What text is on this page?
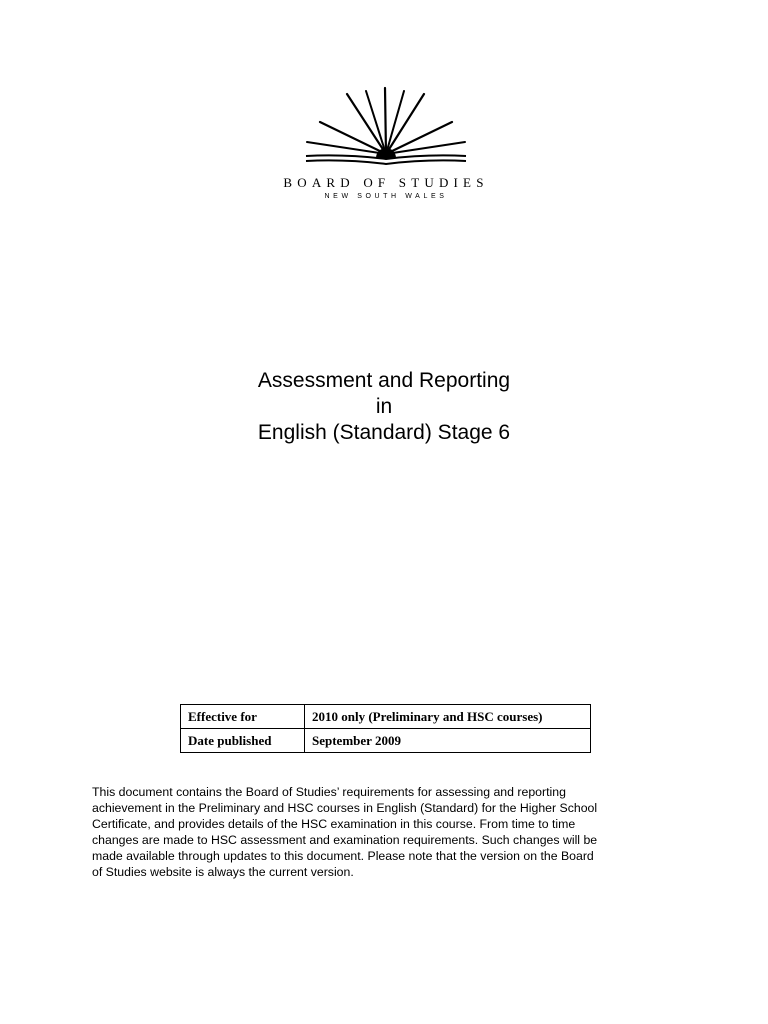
BOARD OF STUDIES
NEW SOUTH WALES
Assessment and Reporting
in
English (Standard) Stage 6
Effective for	2010 only (Preliminary and HSC courses)
Date published	September 2009
This document contains the Board of Studies’ requirements for assessing and reporting
achievement in the Preliminary and HSC courses in English (Standard) for the Higher School
Certificate, and provides details of the HSC examination in this course. From time to time
changes are made to HSC assessment and examination requirements. Such changes will be
made available through updates to this document. Please note that the version on the Board
of Studies website is always the current version.
